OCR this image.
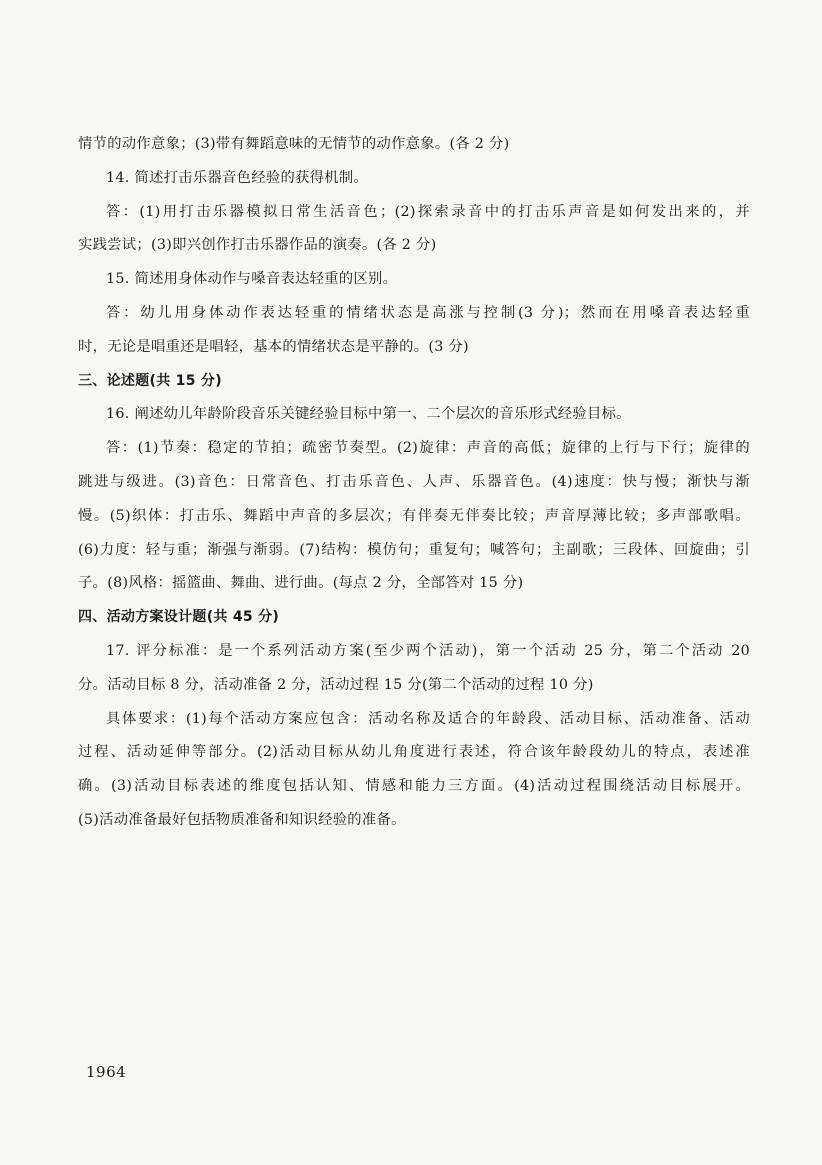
情节的动作意象；(3)带有舞蹈意味的无情节的动作意象。(各 2 分)
14. 简述打击乐器音色经验的获得机制。
答：(1)用打击乐器模拟日常生活音色；(2)探索录音中的打击乐声音是如何发出来的，并
实践尝试；(3)即兴创作打击乐器作品的演奏。(各 2 分)
15. 简述用身体动作与嗓音表达轻重的区别。
答：幼儿用身体动作表达轻重的情绪状态是高涨与控制(3 分)；然而在用嗓音表达轻重
时，无论是唱重还是唱轻，基本的情绪状态是平静的。(3 分)
三、论述题(共 15 分)
16. 阐述幼儿年龄阶段音乐关键经验目标中第一、二个层次的音乐形式经验目标。
答：(1)节奏：稳定的节拍；疏密节奏型。(2)旋律：声音的高低；旋律的上行与下行；旋律的
跳进与级进。(3)音色：日常音色、打击乐音色、人声、乐器音色。(4)速度：快与慢；渐快与渐
慢。(5)织体：打击乐、舞蹈中声音的多层次；有伴奏无伴奏比较；声音厚薄比较；多声部歌唱。
(6)力度：轻与重；渐强与渐弱。(7)结构：模仿句；重复句；喊答句；主副歌；三段体、回旋曲；引
子。(8)风格：摇篮曲、舞曲、进行曲。(每点 2 分，全部答对 15 分)
四、活动方案设计题(共 45 分)
17. 评分标准：是一个系列活动方案(至少两个活动)，第一个活动 25 分，第二个活动 20
分。活动目标 8 分，活动准备 2 分，活动过程 15 分(第二个活动的过程 10 分)
具体要求：(1)每个活动方案应包含：活动名称及适合的年龄段、活动目标、活动准备、活动
过程、活动延伸等部分。(2)活动目标从幼儿角度进行表述，符合该年龄段幼儿的特点，表述准
确。(3)活动目标表述的维度包括认知、情感和能力三方面。(4)活动过程围绕活动目标展开。
(5)活动准备最好包括物质准备和知识经验的准备。
1964
